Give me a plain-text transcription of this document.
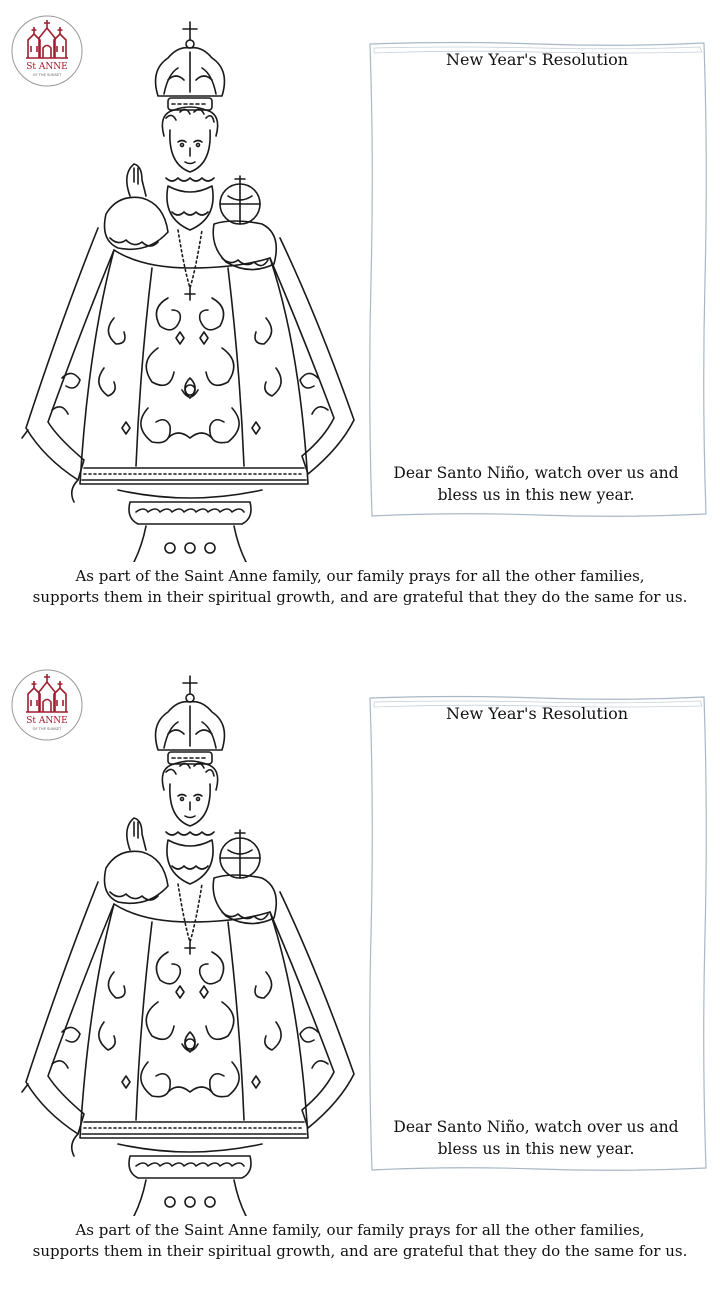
St ANNE
OF THE SUNSET
New Year's Resolution
Dear Santo Niño, watch over us and
bless us in this new year.
As part of the Saint Anne family, our family prays for all the other families,
supports them in their spiritual growth, and are grateful that they do the same for us.
St ANNE
OF THE SUNSET
New Year's Resolution
Dear Santo Niño, watch over us and
bless us in this new year.
As part of the Saint Anne family, our family prays for all the other families,
supports them in their spiritual growth, and are grateful that they do the same for us.
